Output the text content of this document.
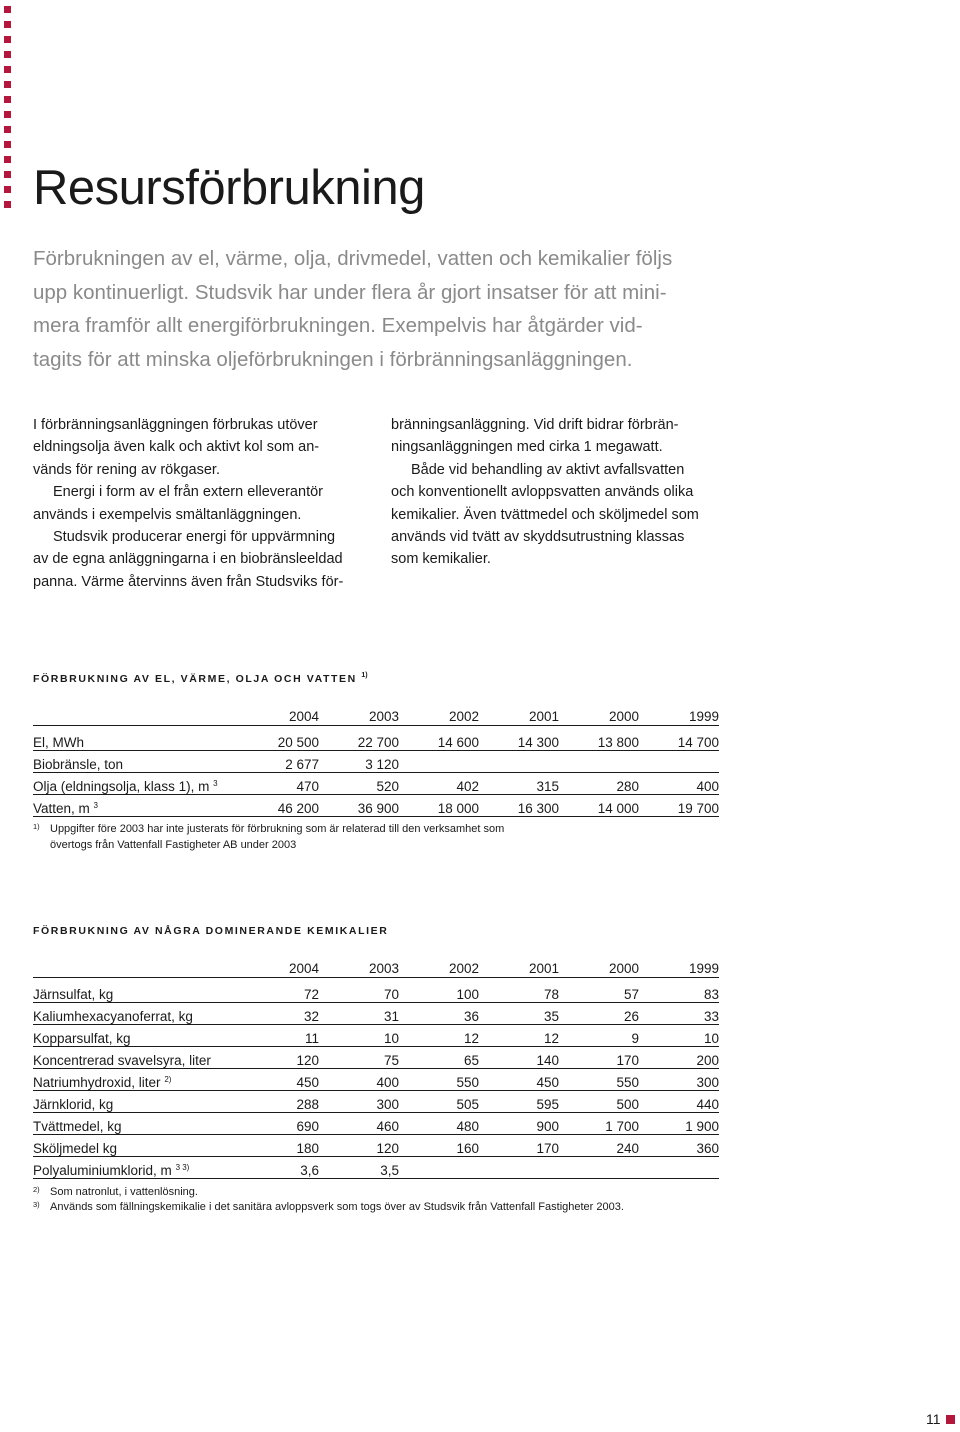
Resursförbrukning

Förbrukningen av el, värme, olja, drivmedel, vatten och kemikalier följs
upp kontinuerligt. Studsvik har under flera år gjort insatser för att mini-
mera framför allt energiförbrukningen. Exempelvis har åtgärder vid-
tagits för att minska oljeförbrukningen i förbränningsanläggningen.

I förbränningsanläggningen förbrukas utöver
eldningsolja även kalk och aktivt kol som an-
vänds för rening av rökgaser.
Energi i form av el från extern elleverantör
används i exempelvis smältanläggningen.
Studsvik producerar energi för uppvärmning
av de egna anläggningarna i en biobränsleeldad
panna. Värme återvinns även från Studsviks för-
bränningsanläggning. Vid drift bidrar förbrän-
ningsanläggningen med cirka 1 megawatt.
Både vid behandling av aktivt avfallsvatten
och konventionellt avloppsvatten används olika
kemikalier. Även tvättmedel och sköljmedel som
används vid tvätt av skyddsutrustning klassas
som kemikalier.
FÖRBRUKNING AV EL, VÄRME, OLJA OCH VATTEN $^{1)}$
	2004	2003	2002	2001	2000	1999
El, MWh	20 500	22 700	14 600	14 300	13 800	14 700
Biobränsle, ton	2 677	3 120				
Olja (eldningsolja, klass 1), m $^3$	470	520	402	315	280	400
Vatten, m $^3$	46 200	36 900	18 000	16 300	14 000	19 700
1) Uppgifter före 2003 har inte justerats för förbrukning som är relaterad till den verksamhet som
övertogs från Vattenfall Fastigheter AB under 2003
FÖRBRUKNING AV NÅGRA DOMINERANDE KEMIKALIER
	2004	2003	2002	2001	2000	1999
Järnsulfat, kg	72	70	100	78	57	83
Kaliumhexacyanoferrat, kg	32	31	36	35	26	33
Kopparsulfat, kg	11	10	12	12	9	10
Koncentrerad svavelsyra, liter	120	75	65	140	170	200
Natriumhydroxid, liter $^{2)}$	450	400	550	450	550	300
Järnklorid, kg	288	300	505	595	500	440
Tvättmedel, kg	690	460	480	900	1 700	1 900
Sköljmedel kg	180	120	160	170	240	360
Polyaluminiumklorid, m $^{3 3)}$	3,6	3,5				
2) Som natronlut, i vattenlösning.
3) Används som fällningskemikalie i det sanitära avloppsverk som togs över av Studsvik från Vattenfall Fastigheter 2003.
11
